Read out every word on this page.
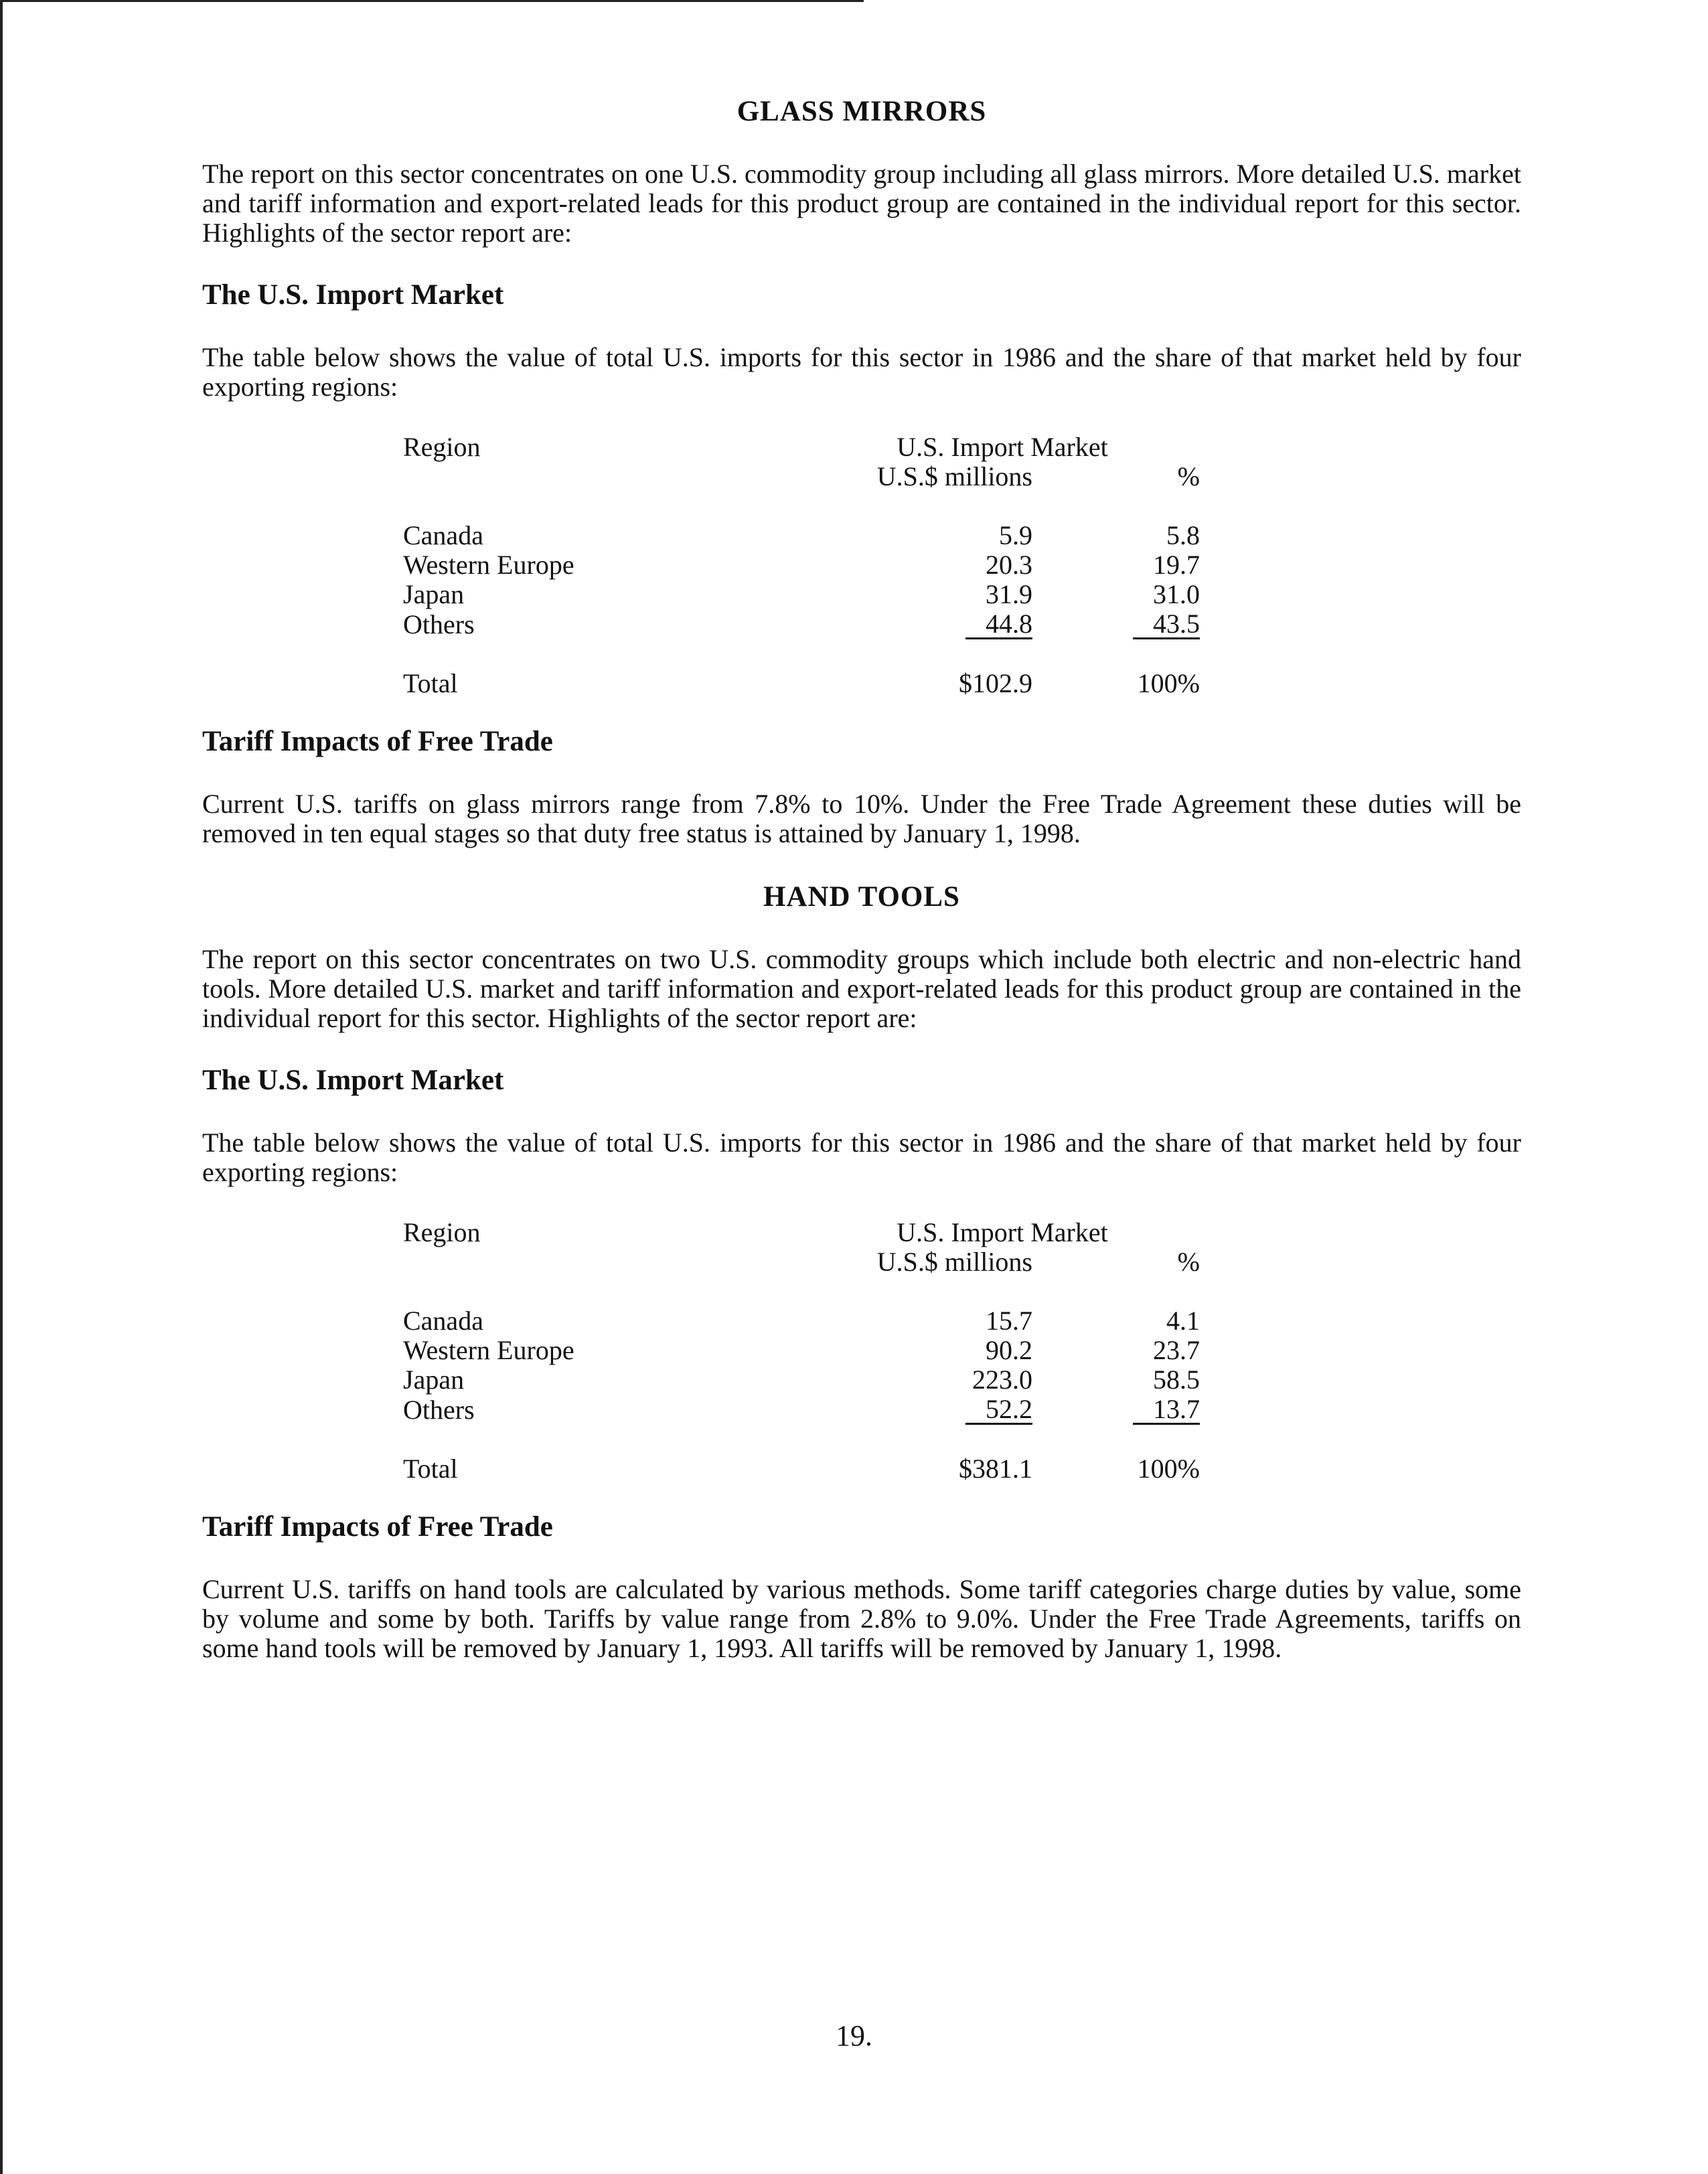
GLASS MIRRORS

The report on this sector concentrates on one U.S. commodity group including all glass mirrors. More detailed U.S. market and tariff information and export-related leads for this product group are contained in the individual report for this sector. Highlights of the sector report are:

The U.S. Import Market

The table below shows the value of total U.S. imports for this sector in 1986 and the share of that market held by four exporting regions:

Region	U.S. Import Market	
	U.S.$ millions	%

Canada	5.9	5.8
Western Europe	20.3	19.7
Japan	31.9	31.0
Others	44.8	43.5

Total	$102.9	100%
Tariff Impacts of Free Trade

Current U.S. tariffs on glass mirrors range from 7.8% to 10%. Under the Free Trade Agreement these duties will be removed in ten equal stages so that duty free status is attained by January 1, 1998.

HAND TOOLS

The report on this sector concentrates on two U.S. commodity groups which include both electric and non-electric hand tools. More detailed U.S. market and tariff information and export-related leads for this product group are contained in the individual report for this sector. Highlights of the sector report are:

The U.S. Import Market

The table below shows the value of total U.S. imports for this sector in 1986 and the share of that market held by four exporting regions:

Region	U.S. Import Market	
	U.S.$ millions	%

Canada	15.7	4.1
Western Europe	90.2	23.7
Japan	223.0	58.5
Others	52.2	13.7

Total	$381.1	100%
Tariff Impacts of Free Trade

Current U.S. tariffs on hand tools are calculated by various methods. Some tariff categories charge duties by value, some by volume and some by both. Tariffs by value range from 2.8% to 9.0%. Under the Free Trade Agreements, tariffs on some hand tools will be removed by January 1, 1993. All tariffs will be removed by January 1, 1998.

19.
